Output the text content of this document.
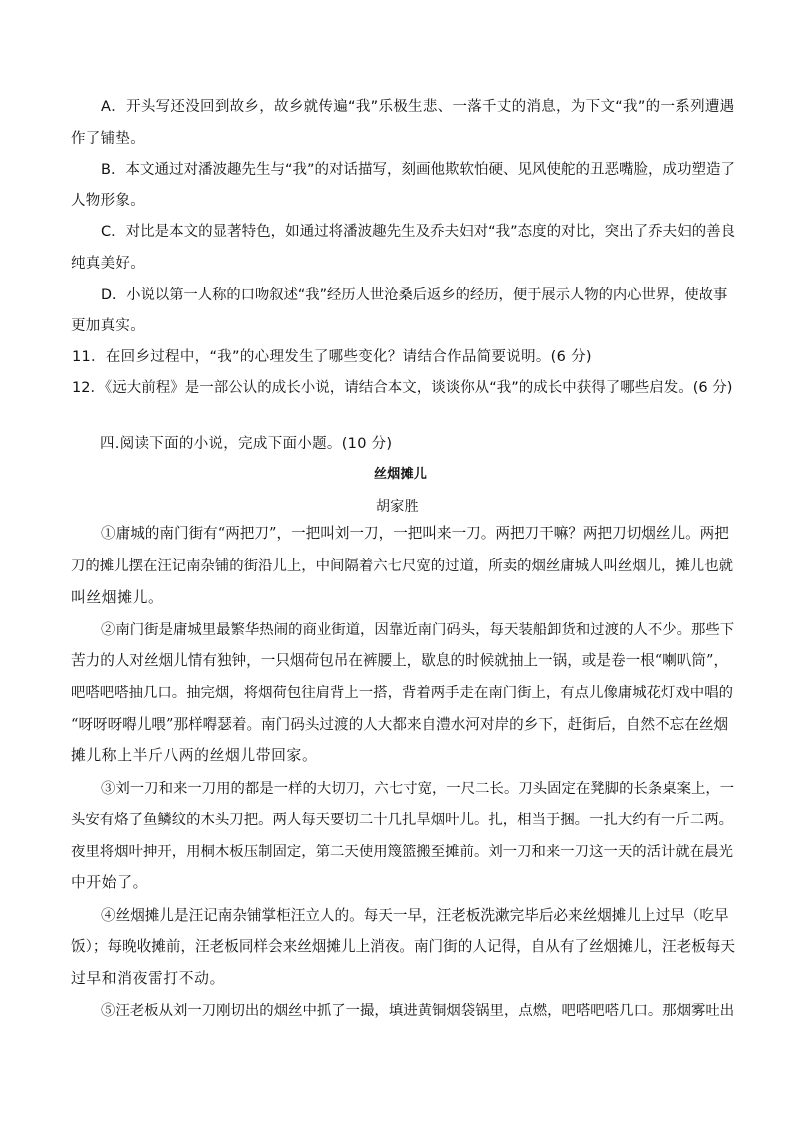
A．开头写还没回到故乡，故乡就传遍“我”乐极生悲、一落千丈的消息，为下文“我”的一系列遭遇
作了铺垫。
B．本文通过对潘波趣先生与“我”的对话描写，刻画他欺软怕硬、见风使舵的丑恶嘴脸，成功塑造了
人物形象。
C．对比是本文的显著特色，如通过将潘波趣先生及乔夫妇对“我”态度的对比，突出了乔夫妇的善良
纯真美好。
D．小说以第一人称的口吻叙述“我”经历人世沧桑后返乡的经历，便于展示人物的内心世界，使故事
更加真实。
11．在回乡过程中，“我”的心理发生了哪些变化？请结合作品简要说明。(6 分)
12．《远大前程》是一部公认的成长小说，请结合本文，谈谈你从“我”的成长中获得了哪些启发。(6 分)
四.阅读下面的小说，完成下面小题。(10 分)
丝烟摊儿
胡家胜
①庸城的南门街有“两把刀”，一把叫刘一刀，一把叫来一刀。两把刀干嘛？两把刀切烟丝儿。两把
刀的摊儿摆在汪记南杂铺的街沿儿上，中间隔着六七尺宽的过道，所卖的烟丝庸城人叫丝烟儿，摊儿也就
叫丝烟摊儿。
②南门街是庸城里最繁华热闹的商业街道，因靠近南门码头，每天装船卸货和过渡的人不少。那些下
苦力的人对丝烟儿情有独钟，一只烟荷包吊在裤腰上，歇息的时候就抽上一锅，或是卷一根“喇叭筒”，
吧嗒吧嗒抽几口。抽完烟，将烟荷包往肩背上一搭，背着两手走在南门街上，有点儿像庸城花灯戏中唱的
“呀呀呀嘚儿喂”那样嘚瑟着。南门码头过渡的人大都来自澧水河对岸的乡下，赶街后，自然不忘在丝烟
摊儿称上半斤八两的丝烟儿带回家。
③刘一刀和来一刀用的都是一样的大切刀，六七寸宽，一尺二长。刀头固定在凳脚的长条桌案上，一
头安有烙了鱼鳞纹的木头刀把。两人每天要切二十几扎旱烟叶儿。扎，相当于捆。一扎大约有一斤二两。
夜里将烟叶抻开，用桐木板压制固定，第二天使用篾篮搬至摊前。刘一刀和来一刀这一天的活计就在晨光
中开始了。
④丝烟摊儿是汪记南杂铺掌柜汪立人的。每天一早，汪老板洗漱完毕后必来丝烟摊儿上过早（吃早
饭）；每晚收摊前，汪老板同样会来丝烟摊儿上消夜。南门街的人记得，自从有了丝烟摊儿，汪老板每天
过早和消夜雷打不动。
⑤汪老板从刘一刀刚切出的烟丝中抓了一撮，填进黄铜烟袋锅里，点燃，吧嗒吧嗒几口。那烟雾吐出
